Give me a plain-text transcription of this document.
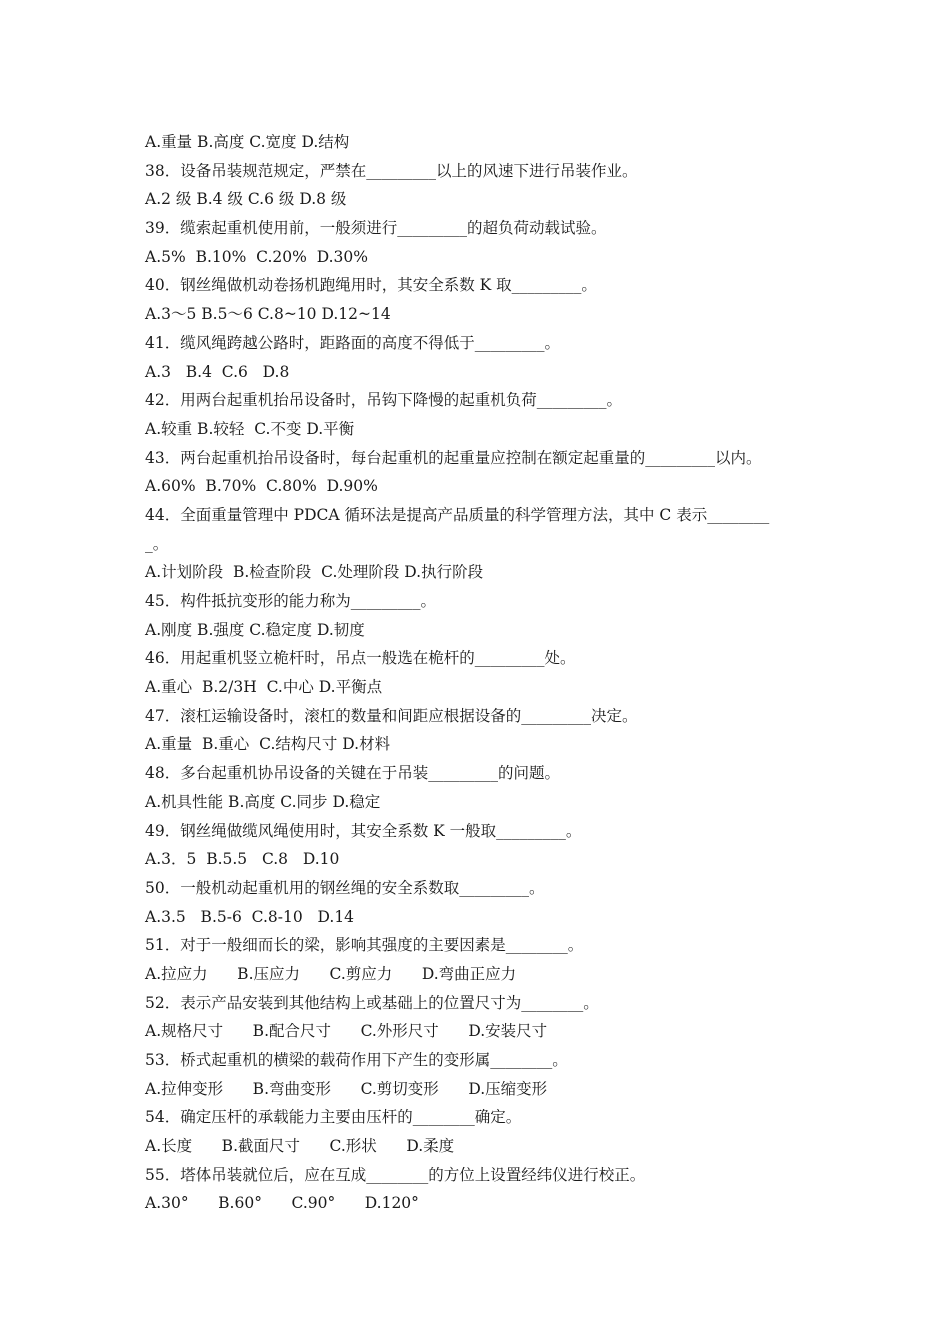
A.重量 B.高度 C.宽度 D.结构

38．设备吊装规范规定，严禁在_________以上的风速下进行吊装作业。

A.2 级 B.4 级 C.6 级 D.8 级

39．缆索起重机使用前，一般须进行_________的超负荷动载试验。

A.5%  B.10%  C.20%  D.30%

40．钢丝绳做机动卷扬机跑绳用时，其安全系数 K 取_________。

A.3～5 B.5～6 C.8~10 D.12~14

41．缆风绳跨越公路时，距路面的高度不得低于_________。

A.3   B.4  C.6   D.8

42．用两台起重机抬吊设备时，吊钩下降慢的起重机负荷_________。

A.较重 B.较轻  C.不变 D.平衡

43．两台起重机抬吊设备时，每台起重机的起重量应控制在额定起重量的_________以内。

A.60%  B.70%  C.80%  D.90%

44．全面重量管理中 PDCA 循环法是提高产品质量的科学管理方法，其中 C 表示________

_。

A.计划阶段  B.检查阶段  C.处理阶段 D.执行阶段

45．构件抵抗变形的能力称为_________。

A.刚度 B.强度 C.稳定度 D.韧度

46．用起重机竖立桅杆时，吊点一般选在桅杆的_________处。

A.重心  B.2/3H  C.中心 D.平衡点

47．滚杠运输设备时，滚杠的数量和间距应根据设备的_________决定。

A.重量  B.重心  C.结构尺寸 D.材料

48．多台起重机协吊设备的关键在于吊装_________的问题。

A.机具性能 B.高度 C.同步 D.稳定

49．钢丝绳做缆风绳使用时，其安全系数 K 一般取_________。

A.3．5  B.5.5   C.8   D.10

50．一般机动起重机用的钢丝绳的安全系数取_________。

A.3.5   B.5-6  C.8-10   D.14

51．对于一般细而长的梁，影响其强度的主要因素是________。

A.拉应力      B.压应力      C.剪应力      D.弯曲正应力

52．表示产品安装到其他结构上或基础上的位置尺寸为________。

A.规格尺寸      B.配合尺寸      C.外形尺寸      D.安装尺寸

53．桥式起重机的横梁的载荷作用下产生的变形属________。

A.拉伸变形      B.弯曲变形      C.剪切变形      D.压缩变形

54．确定压杆的承载能力主要由压杆的________确定。

A.长度      B.截面尺寸      C.形状      D.柔度

55．塔体吊装就位后，应在互成________的方位上设置经纬仪进行校正。

A.30°      B.60°      C.90°      D.120°
